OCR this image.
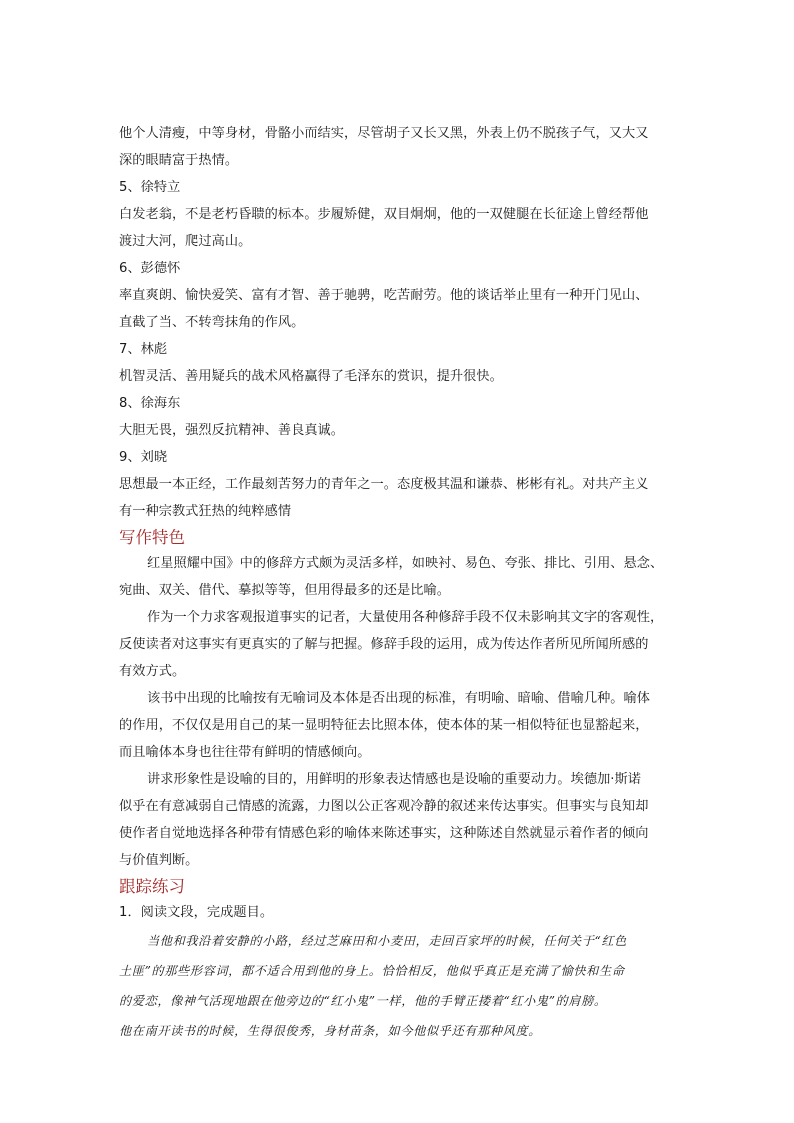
他个人清瘦，中等身材，骨骼小而结实，尽管胡子又长又黑，外表上仍不脱孩子气，又大又
深的眼睛富于热情。
5、徐特立
白发老翁，不是老朽昏聩的标本。步履矫健，双目炯炯，他的一双健腿在长征途上曾经帮他
渡过大河，爬过高山。
6、彭德怀
率直爽朗、愉快爱笑、富有才智、善于驰骋，吃苦耐劳。他的谈话举止里有一种开门见山、
直截了当、不转弯抹角的作风。
7、林彪
机智灵活、善用疑兵的战术风格赢得了毛泽东的赏识，提升很快。
8、徐海东
大胆无畏，强烈反抗精神、善良真诚。
9、刘晓
思想最一本正经，工作最刻苦努力的青年之一。态度极其温和谦恭、彬彬有礼。对共产主义
有一种宗教式狂热的纯粹感情
写作特色
红星照耀中国》中的修辞方式颇为灵活多样，如映衬、易色、夸张、排比、引用、悬念、
宛曲、双关、借代、摹拟等等，但用得最多的还是比喻。
作为一个力求客观报道事实的记者，大量使用各种修辞手段不仅未影响其文字的客观性，
反使读者对这事实有更真实的了解与把握。修辞手段的运用，成为传达作者所见所闻所感的
有效方式。
该书中出现的比喻按有无喻词及本体是否出现的标准，有明喻、暗喻、借喻几种。喻体
的作用，不仅仅是用自己的某一显明特征去比照本体，使本体的某一相似特征也显豁起来，
而且喻体本身也往往带有鲜明的情感倾向。
讲求形象性是设喻的目的，用鲜明的形象表达情感也是设喻的重要动力。埃德加·斯诺
似乎在有意减弱自己情感的流露，力图以公正客观冷静的叙述来传达事实。但事实与良知却
使作者自觉地选择各种带有情感色彩的喻体来陈述事实，这种陈述自然就显示着作者的倾向
与价值判断。
跟踪练习
1．阅读文段，完成题目。
当他和我沿着安静的小路，经过芝麻田和小麦田，走回百家坪的时候，任何关于“红色
土匪”的那些形容词，都不适合用到他的身上。恰恰相反，他似乎真正是充满了愉快和生命
的爱恋，像神气活现地跟在他旁边的“红小鬼”一样，他的手臂正搂着“红小鬼”的肩膀。
他在南开读书的时候，生得很俊秀，身材苗条，如今他似乎还有那种风度。
